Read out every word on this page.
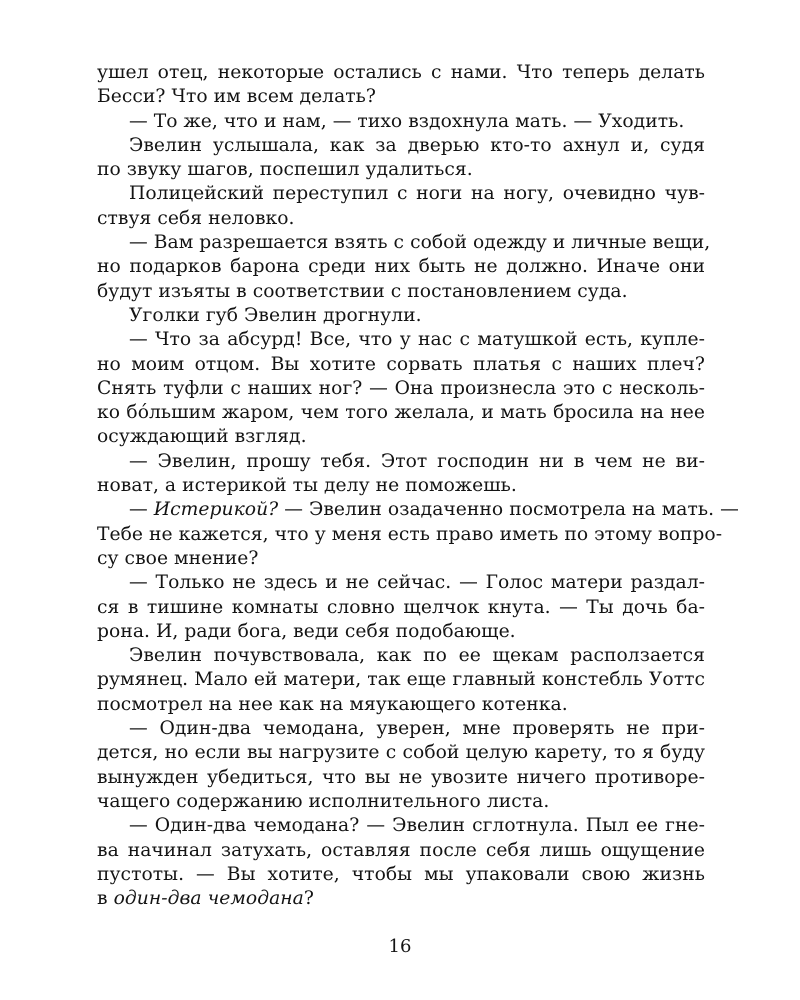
ушел отец, некоторые остались с нами. Что теперь делать
Бесси? Что им всем делать?
— То же, что и нам, — тихо вздохнула мать. — Уходить.
Эвелин услышала, как за дверью кто-то ахнул и, судя
по звуку шагов, поспешил удалиться.
Полицейский переступил с ноги на ногу, очевидно чув-
ствуя себя неловко.
— Вам разрешается взять с собой одежду и личные вещи,
но подарков барона среди них быть не должно. Иначе они
будут изъяты в соответствии с постановлением суда.
Уголки губ Эвелин дрогнули.
— Что за абсурд! Все, что у нас с матушкой есть, купле-
но моим отцом. Вы хотите сорвать платья с наших плеч?
Снять туфли с наших ног? — Она произнесла это с несколь-
ко бо́льшим жаром, чем того желала, и мать бросила на нее
осуждающий взгляд.
— Эвелин, прошу тебя. Этот господин ни в чем не ви-
новат, а истерикой ты делу не поможешь.
— Истерикой? — Эвелин озадаченно посмотрела на мать. —
Тебе не кажется, что у меня есть право иметь по этому вопро-
су свое мнение?
— Только не здесь и не сейчас. — Голос матери раздал-
ся в тишине комнаты словно щелчок кнута. — Ты дочь ба-
рона. И, ради бога, веди себя подобающе.
Эвелин почувствовала, как по ее щекам расползается
румянец. Мало ей матери, так еще главный констебль Уоттс
посмотрел на нее как на мяукающего котенка.
— Один-два чемодана, уверен, мне проверять не при-
дется, но если вы нагрузите с собой целую карету, то я буду
вынужден убедиться, что вы не увозите ничего противоре-
чащего содержанию исполнительного листа.
— Один-два чемодана? — Эвелин сглотнула. Пыл ее гне-
ва начинал затухать, оставляя после себя лишь ощущение
пустоты. — Вы хотите, чтобы мы упаковали свою жизнь
в один-два чемодана?
16
